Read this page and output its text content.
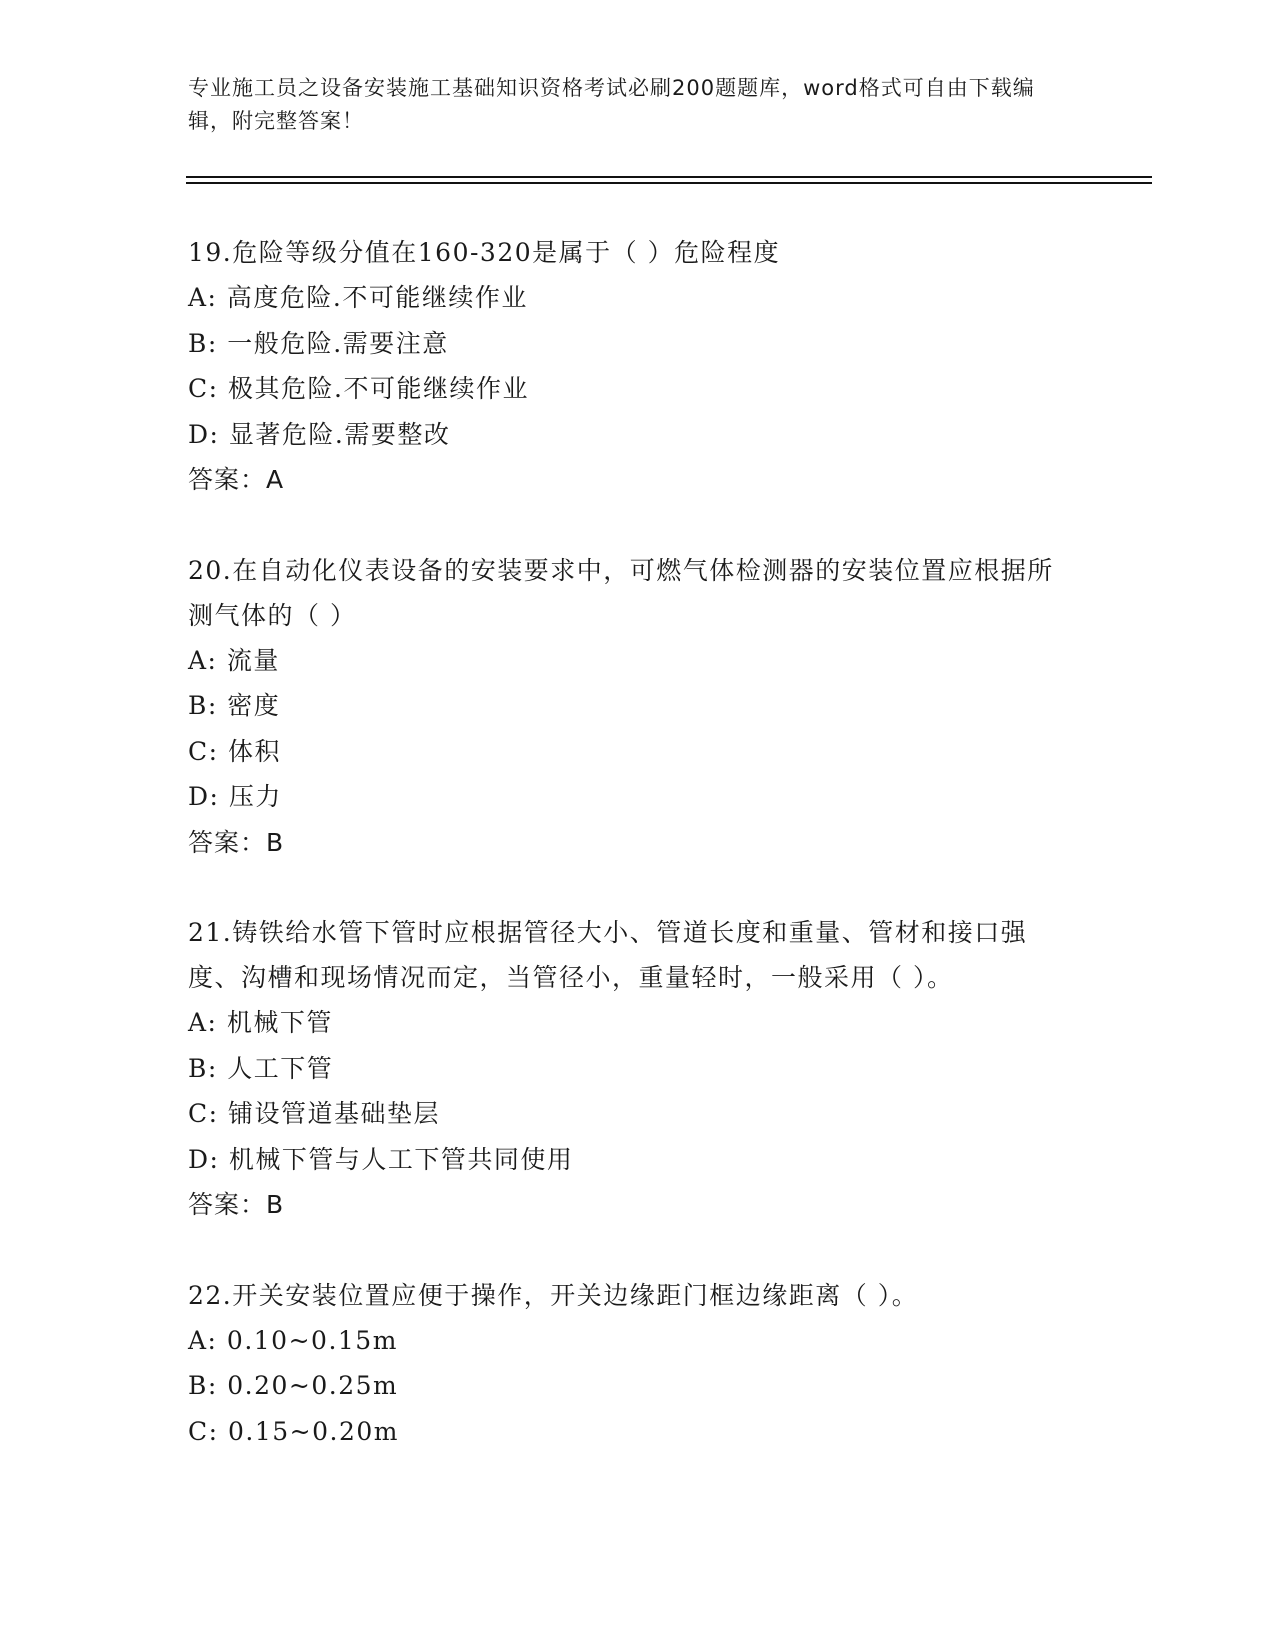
专业施工员之设备安装施工基础知识资格考试必刷200题题库，word格式可自由下载编辑，附完整答案！
19.危险等级分值在160-320是属于（ ）危险程度
A: 高度危险.不可能继续作业
B: 一般危险.需要注意
C: 极其危险.不可能继续作业
D: 显著危险.需要整改
答案：A
20.在自动化仪表设备的安装要求中，可燃气体检测器的安装位置应根据所测气体的（ ）
A: 流量
B: 密度
C: 体积
D: 压力
答案：B
21.铸铁给水管下管时应根据管径大小、管道长度和重量、管材和接口强度、沟槽和现场情况而定，当管径小，重量轻时，一般采用（ ）。
A: 机械下管
B: 人工下管
C: 铺设管道基础垫层
D: 机械下管与人工下管共同使用
答案：B
22.开关安装位置应便于操作，开关边缘距门框边缘距离（ ）。
A: 0.10~0.15m
B: 0.20~0.25m
C: 0.15~0.20m
